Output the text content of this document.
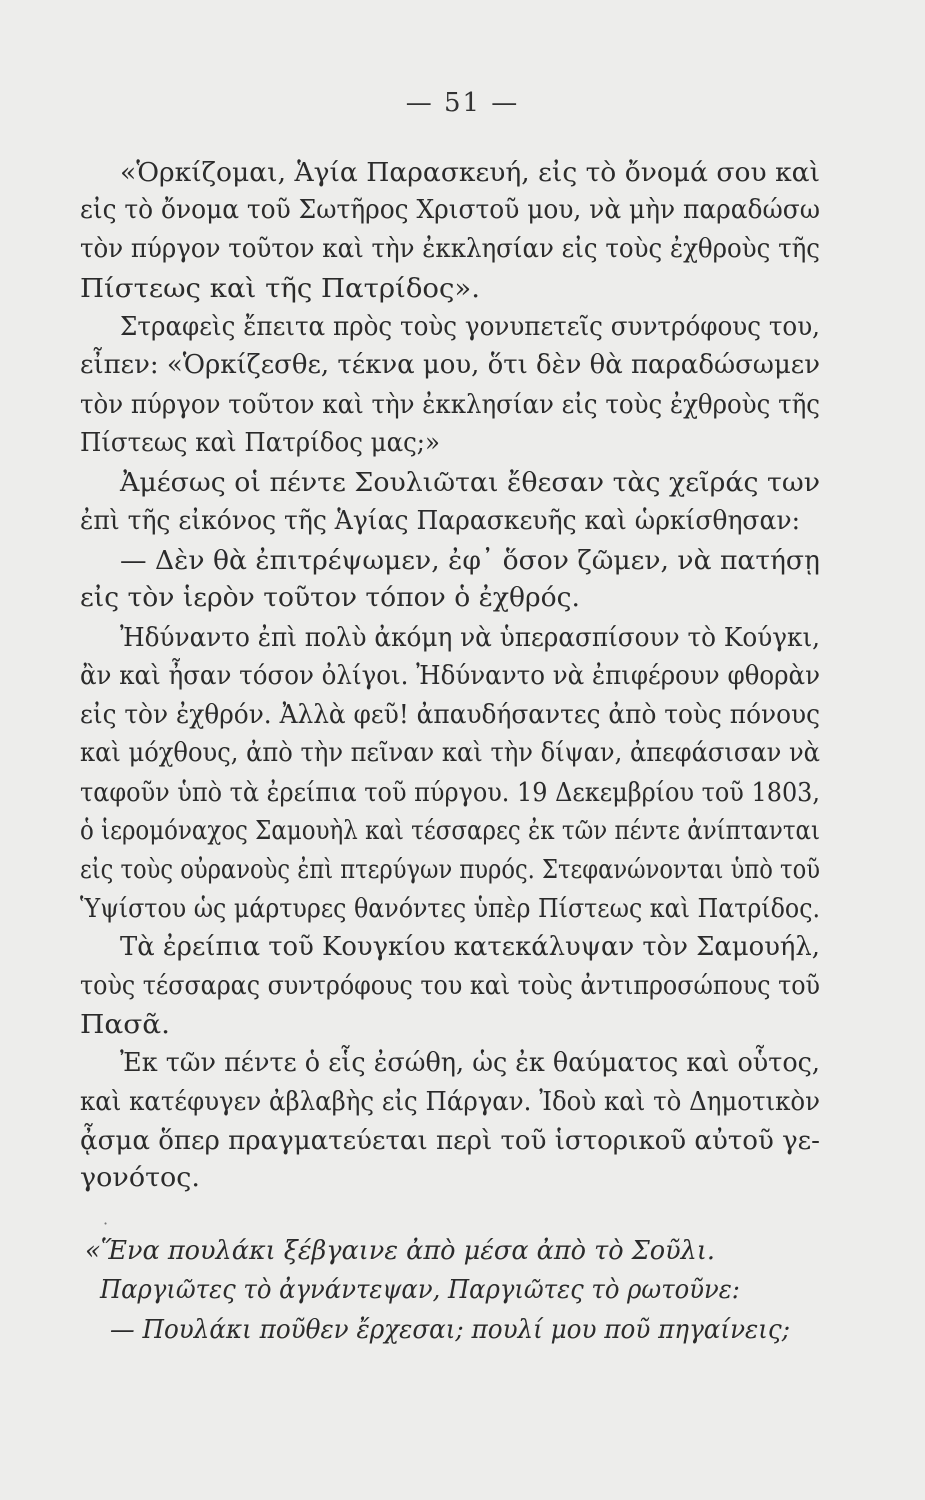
— 51 —
«Ὁρκίζομαι, Ἁγία Παρασκευή, εἰς τὸ ὄνομά σου καὶ
εἰς τὸ ὄνομα τοῦ Σωτῆρος Χριστοῦ μου, νὰ μὴν παραδώσω
τὸν πύργον τοῦτον καὶ τὴν ἐκκλησίαν εἰς τοὺς ἐχθροὺς τῆς
Πίστεως καὶ τῆς Πατρίδος».
Στραφεὶς ἔπειτα πρὸς τοὺς γονυπετεῖς συντρόφους του,
εἶπεν: «Ὁρκίζεσθε, τέκνα μου, ὅτι δὲν θὰ παραδώσωμεν
τὸν πύργον τοῦτον καὶ τὴν ἐκκλησίαν εἰς τοὺς ἐχθροὺς τῆς
Πίστεως καὶ Πατρίδος μας;»
Ἀμέσως οἱ πέντε Σουλιῶται ἔθεσαν τὰς χεῖράς των
ἐπὶ τῆς εἰκόνος τῆς Ἁγίας Παρασκευῆς καὶ ὡρκίσθησαν:
— Δὲν θὰ ἐπιτρέψωμεν, ἐφ᾽ ὅσον ζῶμεν, νὰ πατήσῃ
εἰς τὸν ἱερὸν τοῦτον τόπον ὁ ἐχθρός.
Ἠδύναντο ἐπὶ πολὺ ἀκόμη νὰ ὑπερασπίσουν τὸ Κούγκι,
ἂν καὶ ἦσαν τόσον ὀλίγοι. Ἠδύναντο νὰ ἐπιφέρουν φθορὰν
εἰς τὸν ἐχθρόν. Ἀλλὰ φεῦ! ἀπαυδήσαντες ἀπὸ τοὺς πόνους
καὶ μόχθους, ἀπὸ τὴν πεῖναν καὶ τὴν δίψαν, ἀπεφάσισαν νὰ
ταφοῦν ὑπὸ τὰ ἐρείπια τοῦ πύργου. 19 Δεκεμβρίου τοῦ 1803,
ὁ ἱερομόναχος Σαμουὴλ καὶ τέσσαρες ἐκ τῶν πέντε ἀνίπτανται
εἰς τοὺς οὐρανοὺς ἐπὶ πτερύγων πυρός. Στεφανώνονται ὑπὸ τοῦ
Ὑψίστου ὡς μάρτυρες θανόντες ὑπὲρ Πίστεως καὶ Πατρίδος.
Τὰ ἐρείπια τοῦ Κουγκίου κατεκάλυψαν τὸν Σαμουήλ,
τοὺς τέσσαρας συντρόφους του καὶ τοὺς ἀντιπροσώπους τοῦ
Πασᾶ.
Ἐκ τῶν πέντε ὁ εἷς ἐσώθη, ὡς ἐκ θαύματος καὶ οὗτος,
καὶ κατέφυγεν ἀβλαβὴς εἰς Πάργαν. Ἰδοὺ καὶ τὸ Δημοτικὸν
ᾆσμα ὅπερ πραγματεύεται περὶ τοῦ ἱστορικοῦ αὐτοῦ γε-
γονότος.
«Ἕνα πουλάκι ξέβγαινε ἀπὸ μέσα ἀπὸ τὸ Σοῦλι.
Παργιῶτες τὸ ἀγνάντεψαν, Παργιῶτες τὸ ρωτοῦνε:
— Πουλάκι ποῦθεν ἔρχεσαι; πουλί μου ποῦ πηγαίνεις;
·
